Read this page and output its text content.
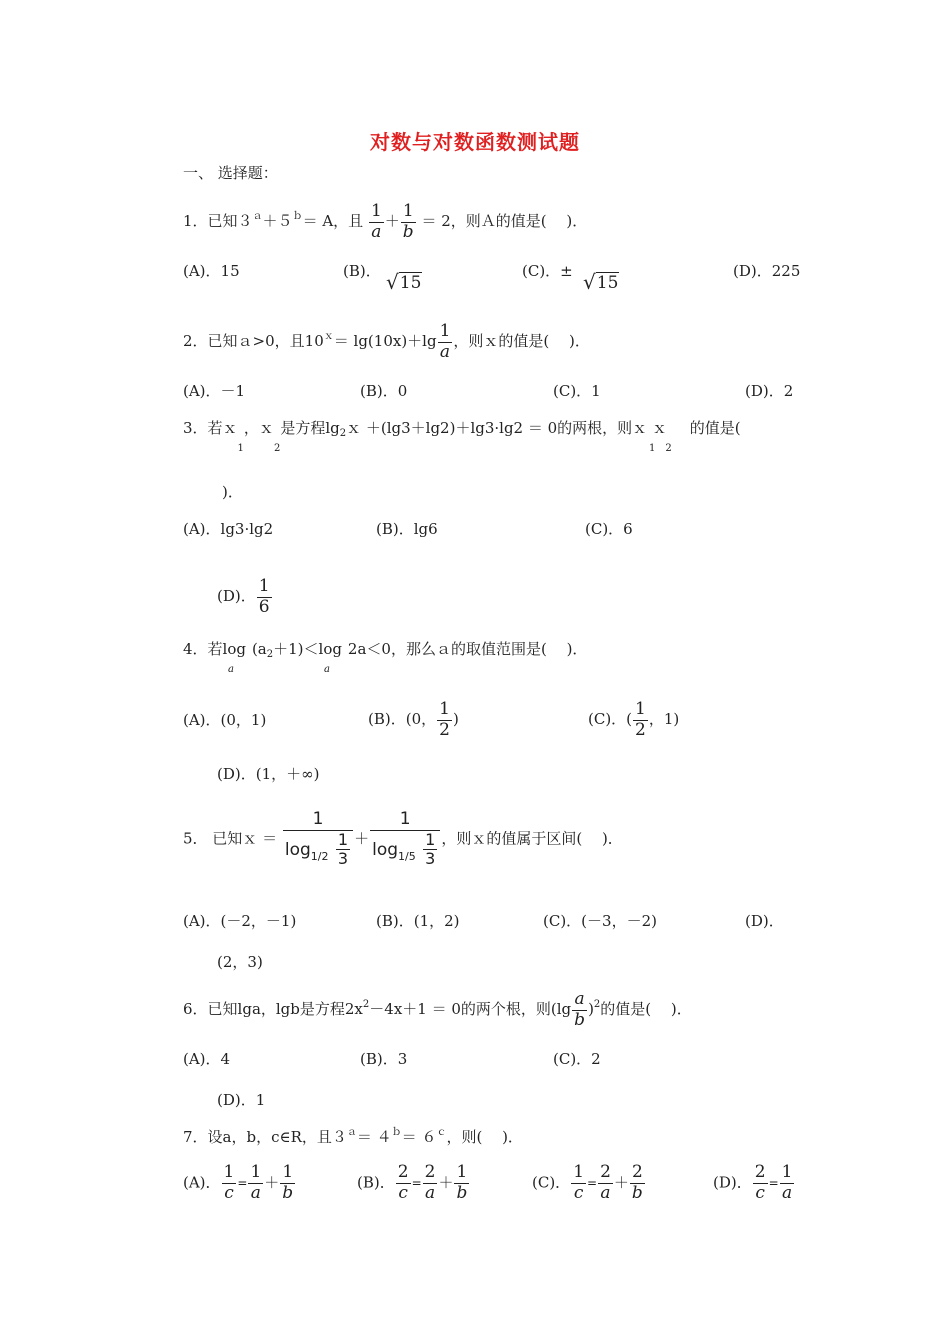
对数与对数函数测试题
一、 选择题：
1．已知$3^a+5^b= A$，且 $\frac{1}{a} + \frac{1}{b} = 2$，则Ａ的值是(　 )．
(A)．15	(B)． √15
(C)．± √15
(D)．225
2．已知ａ>0，且$10^x= \lg(10x)+\lg \frac{1}{a}$ ，则ｘ的值是(　 )．
(A)．－1	(B)．0	(C)．1	(D)．2
3．若ｘ$_1$，ｘ$_2$是方程$\lg_2x +(\lg 3+\lg 2)+\lg 3\cdot\lg 2 = 0$的两根，则ｘ ｘ$_{1 2}$的值是(
)．
(A)．lg3·lg2	(B)．lg6	(C)．6
(D)． $\frac{1}{6}$
4．若$\log_a(a_2+1)<\log_a2a<0$，那么ａ的取值范围是(　 )．
(A)．(0，1)	(B)．(0， $\frac{1}{2}$ )	(C)．( $\frac{1}{2}$ ，1)
(D)．(1，＋∞)
5． 已知ｘ ＝ $\frac{1}{\log_{1/2} \frac{1}{3}} + \frac{1}{\log_{1/5} \frac{1}{3}}$ ，则ｘ的值属于区间(　 )．
(A)．(－2，－1)	(B)．(1，2)	(C)．(－3，－2)	(D)．
(2，3)
6．已知lga，lgb是方程$2x^2-4x+1 = 0$的两个根，则$(\lg \frac{a}{b} )^2$的值是(　 )．
(A)．4	(B)．3	(C)．2
(D)．1
7．设a，b，c∈R，且$3^a= 4^b= 6^c$，则(　 )．
(A)． $\frac{1}{c} = \frac{1}{a} + \frac{1}{b}$	(B)． $\frac{2}{c} = \frac{2}{a} + \frac{1}{b}$	(C)． $\frac{1}{c} = \frac{2}{a} + \frac{2}{b}$	(D)． $\frac{2}{c} = \frac{1}{a}$
